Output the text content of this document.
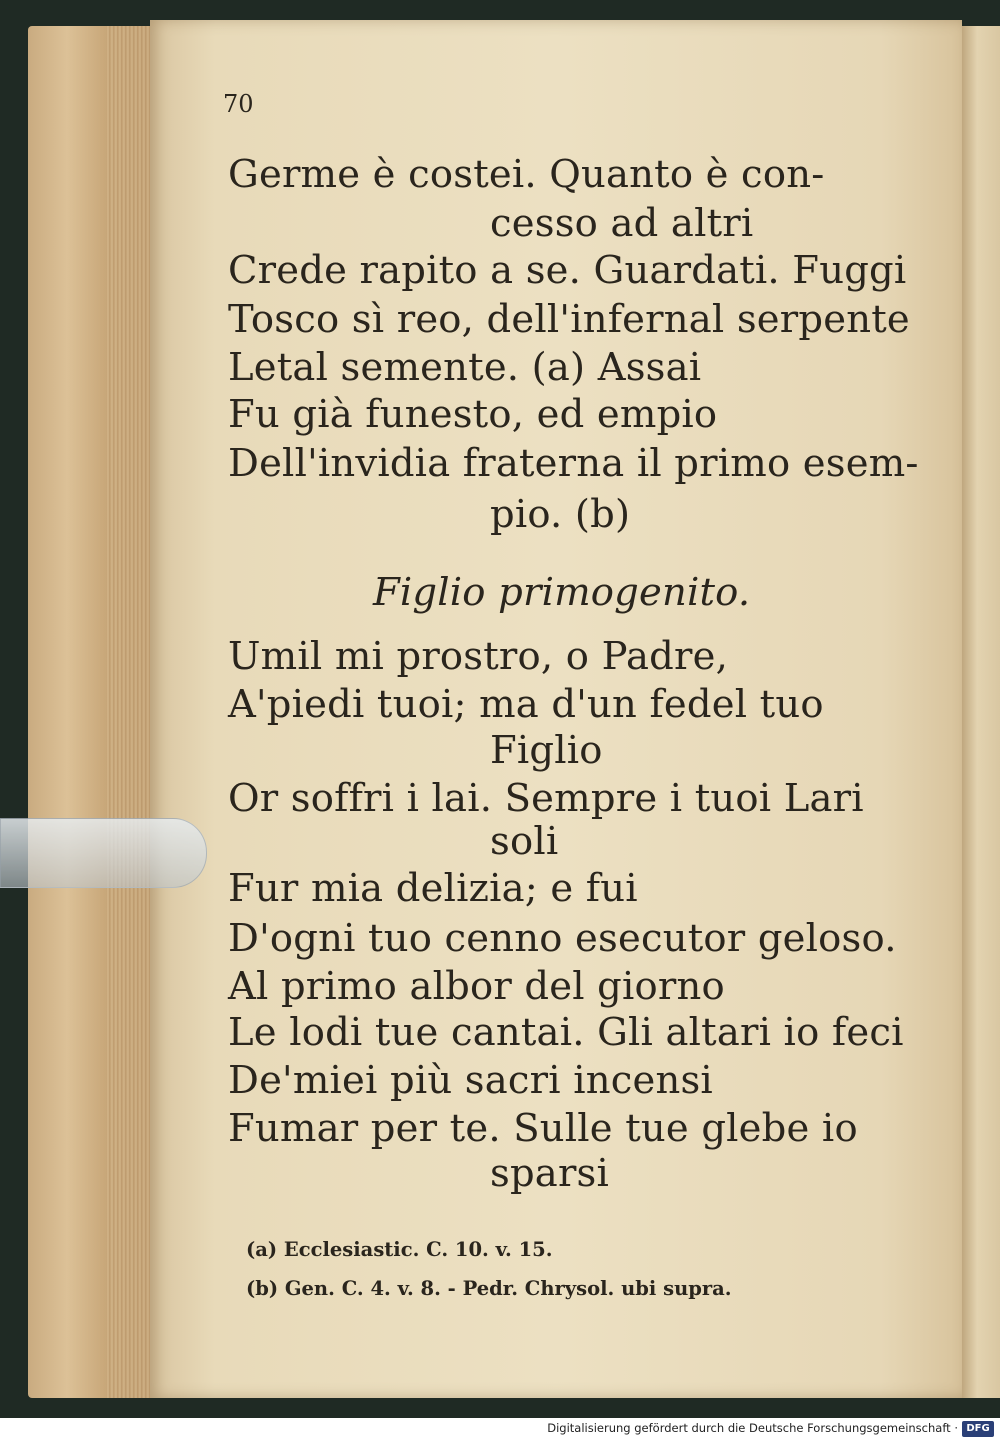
70
Germe è costei. Quanto è con-
cesso ad altri
Crede rapito a se. Guardati. Fuggi
Tosco sì reo, dell'infernal serpente
Letal semente. (a) Assai
Fu già funesto, ed empio
Dell'invidia fraterna il primo esem-
pio. (b)
Figlio primogenito.
Umil mi prostro, o Padre,
A'piedi tuoi; ma d'un fedel tuo
Figlio
Or soffri i lai. Sempre i tuoi Lari
soli
Fur mia delizia; e fui
D'ogni tuo cenno esecutor geloso.
Al primo albor del giorno
Le lodi tue cantai. Gli altari io feci
De'miei più sacri incensi
Fumar per te. Sulle tue glebe io
sparsi
(a) Ecclesiastic. C. 10. v. 15.
(b) Gen. C. 4. v. 8. - Pedr. Chrysol. ubi supra.
Digitalisierung gefördert durch die Deutsche Forschungsgemeinschaft · DFG
